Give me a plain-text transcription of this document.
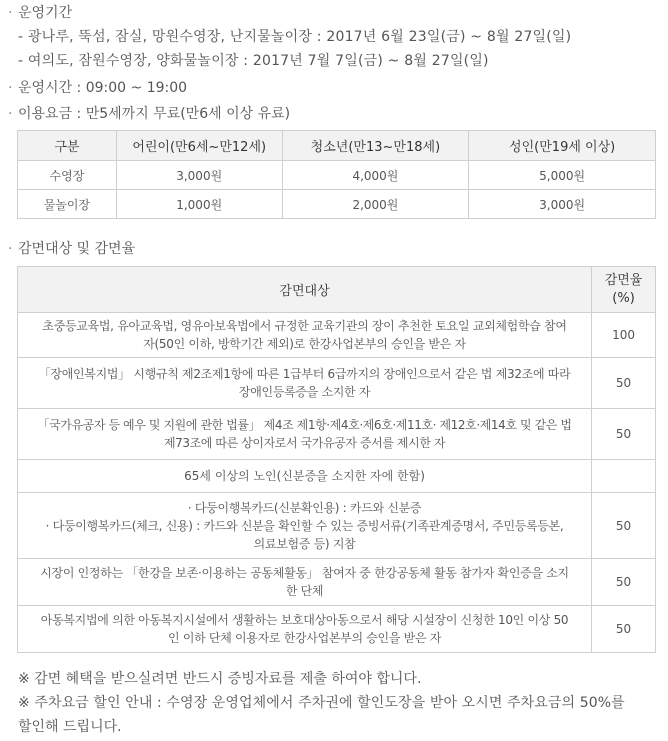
· 운영기간
- 광나루, 뚝섬, 잠실, 망원수영장, 난지물놀이장 : 2017년 6월 23일(금) ~ 8월 27일(일)
- 여의도, 잠원수영장, 양화물놀이장 : 2017년 7월 7일(금) ~ 8월 27일(일)
· 운영시간 : 09:00 ~ 19:00
· 이용요금 : 만5세까지 무료(만6세 이상 유료)
구분	어린이(만6세~만12세)	청소년(만13~만18세)	성인(만19세 이상)
수영장	3,000원	4,000원	5,000원
물놀이장	1,000원	2,000원	3,000원
· 감면대상 및 감면율
감면대상	감면율
(%)

초중등교육법, 유아교육법, 영유아보육법에서 규정한 교육기관의 장이 추천한 토요일 교외체험학습 참여
자(50인 이하, 방학기간 제외)로 한강사업본부의 승인을 받은 자	100

「장애인복지법」 시행규칙 제2조제1항에 따른 1급부터 6급까지의 장애인으로서 같은 법 제32조에 따라
장애인등록증을 소지한 자	50

「국가유공자 등 예우 및 지원에 관한 법률」 제4조 제1항·제4호·제6호·제11호· 제12호·제14호 및 같은 법
제73조에 따른 상이자로서 국가유공자 증서를 제시한 자	50

65세 이상의 노인(신분증을 소지한 자에 한함)	

· 다둥이행복카드(신분확인용) : 카드와 신분증
· 다둥이행복카드(체크, 신용) : 카드와 신분을 확인할 수 있는 증빙서류(기족관계증명서, 주민등록등본,
의료보험증 등) 지참	50

시장이 인정하는 「한강을 보존·이용하는 공동체활동」 참여자 중 한강공동체 활동 참가자 확인증을 소지
한 단체	50

아동복지법에 의한 아동복지시설에서 생활하는 보호대상아동으로서 해당 시설장이 신청한 10인 이상 50
인 이하 단체 이용자로 한강사업본부의 승인을 받은 자	50
※ 감면 혜택을 받으실려면 반드시 증빙자료를 제출 하여야 합니다.
※ 주차요금 할인 안내 : 수영장 운영업체에서 주차권에 할인도장을 받아 오시면 주차요금의 50%를
할인해 드립니다.
